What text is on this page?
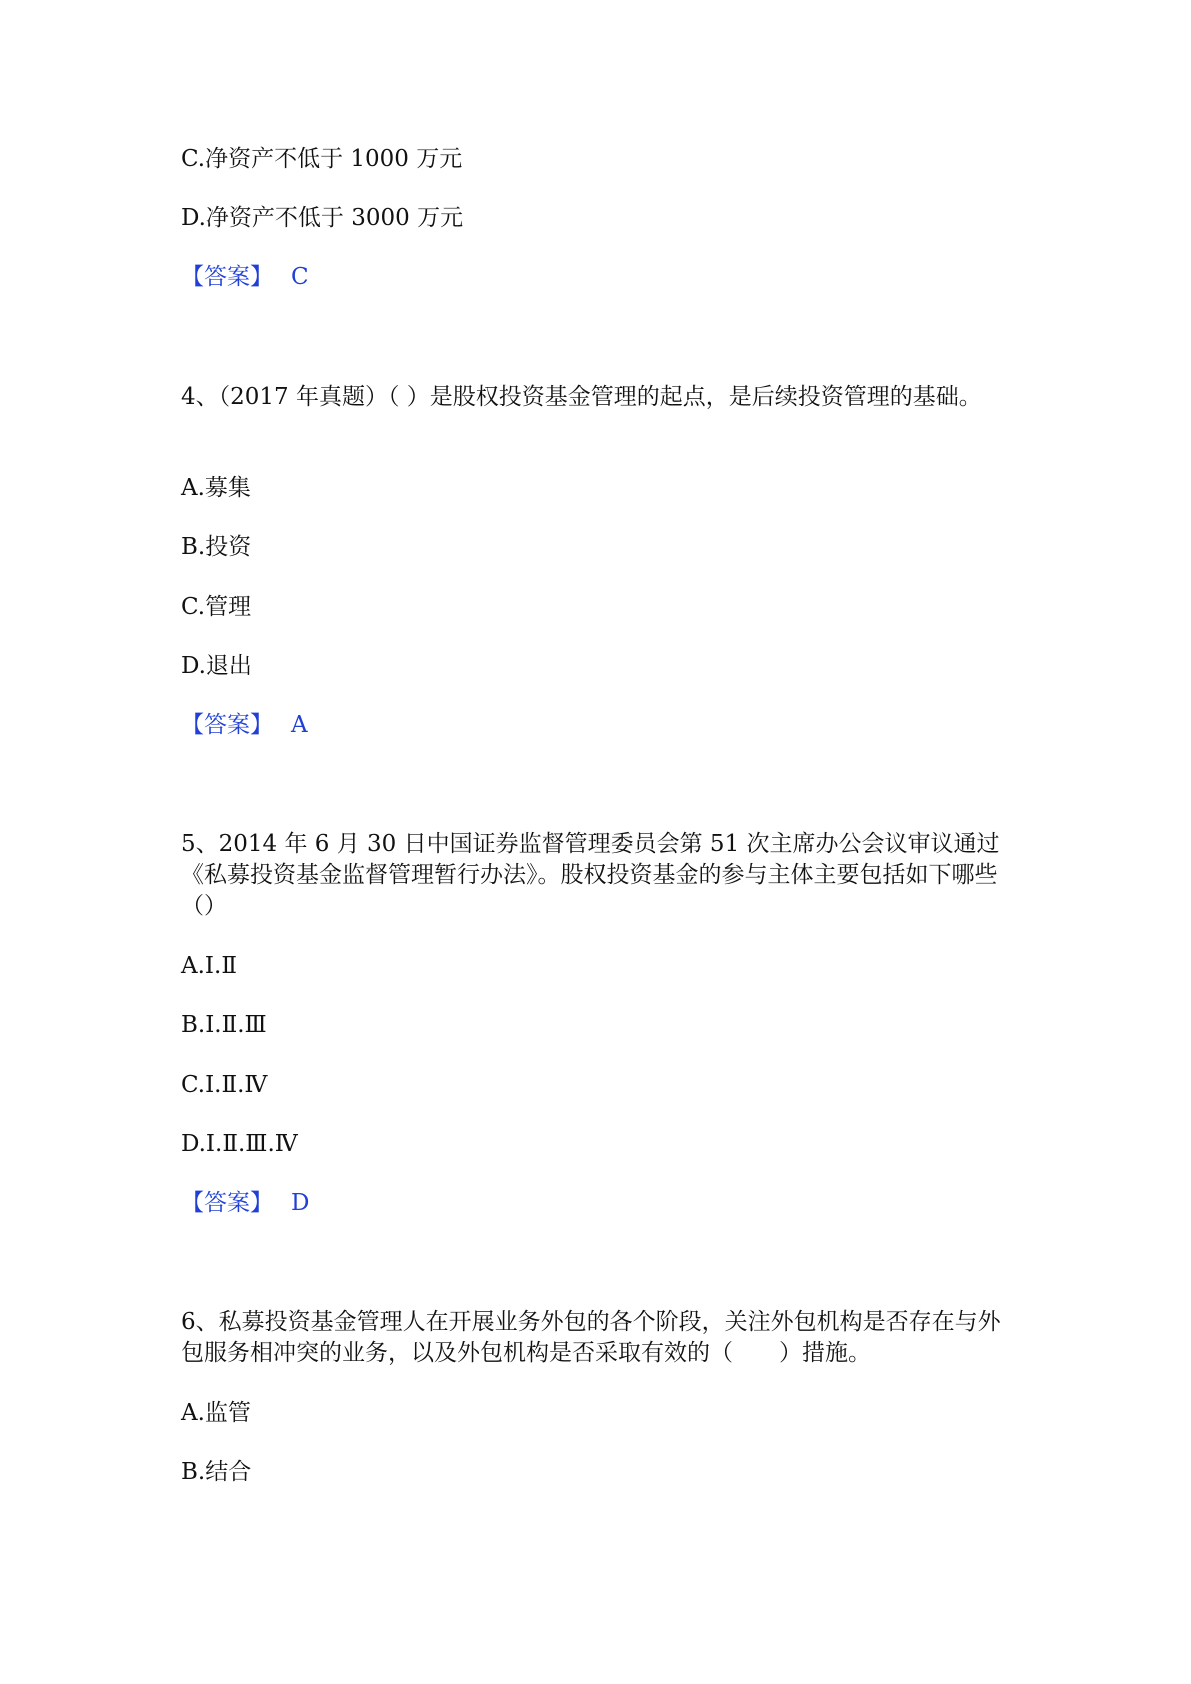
C.净资产不低于 1000 万元
D.净资产不低于 3000 万元
【答案】 C
4、（2017 年真题）（ ）是股权投资基金管理的起点，是后续投资管理的基础。
A.募集
B.投资
C.管理
D.退出
【答案】 A
5、2014 年 6 月 30 日中国证券监督管理委员会第 51 次主席办公会议审议通过《私募投资基金监督管理暂行办法》。股权投资基金的参与主体主要包括如下哪些（）
A.Ⅰ.Ⅱ
B.Ⅰ.Ⅱ.Ⅲ
C.Ⅰ.Ⅱ.Ⅳ
D.Ⅰ.Ⅱ.Ⅲ.Ⅳ
【答案】 D
6、私募投资基金管理人在开展业务外包的各个阶段，关注外包机构是否存在与外包服务相冲突的业务，以及外包机构是否采取有效的（　　）措施。
A.监管
B.结合
